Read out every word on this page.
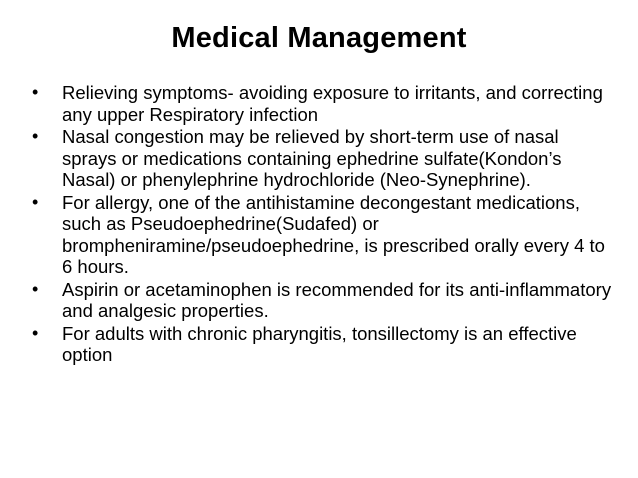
Medical Management
•	Relieving symptoms- avoiding exposure to irritants, and correcting any upper Respiratory infection
•	Nasal congestion may be relieved by short-term use of nasal sprays or medications containing ephedrine sulfate(Kondon’s Nasal) or phenylephrine hydrochloride (Neo-Synephrine).
•	For allergy, one of the antihistamine decongestant medications, such as Pseudoephedrine(Sudafed) or brompheniramine/pseudoephedrine, is prescribed orally every 4 to 6 hours.
•	Aspirin or acetaminophen is recommended for its anti-inflammatory and analgesic properties.
•	For adults with chronic pharyngitis, tonsillectomy is an effective option
